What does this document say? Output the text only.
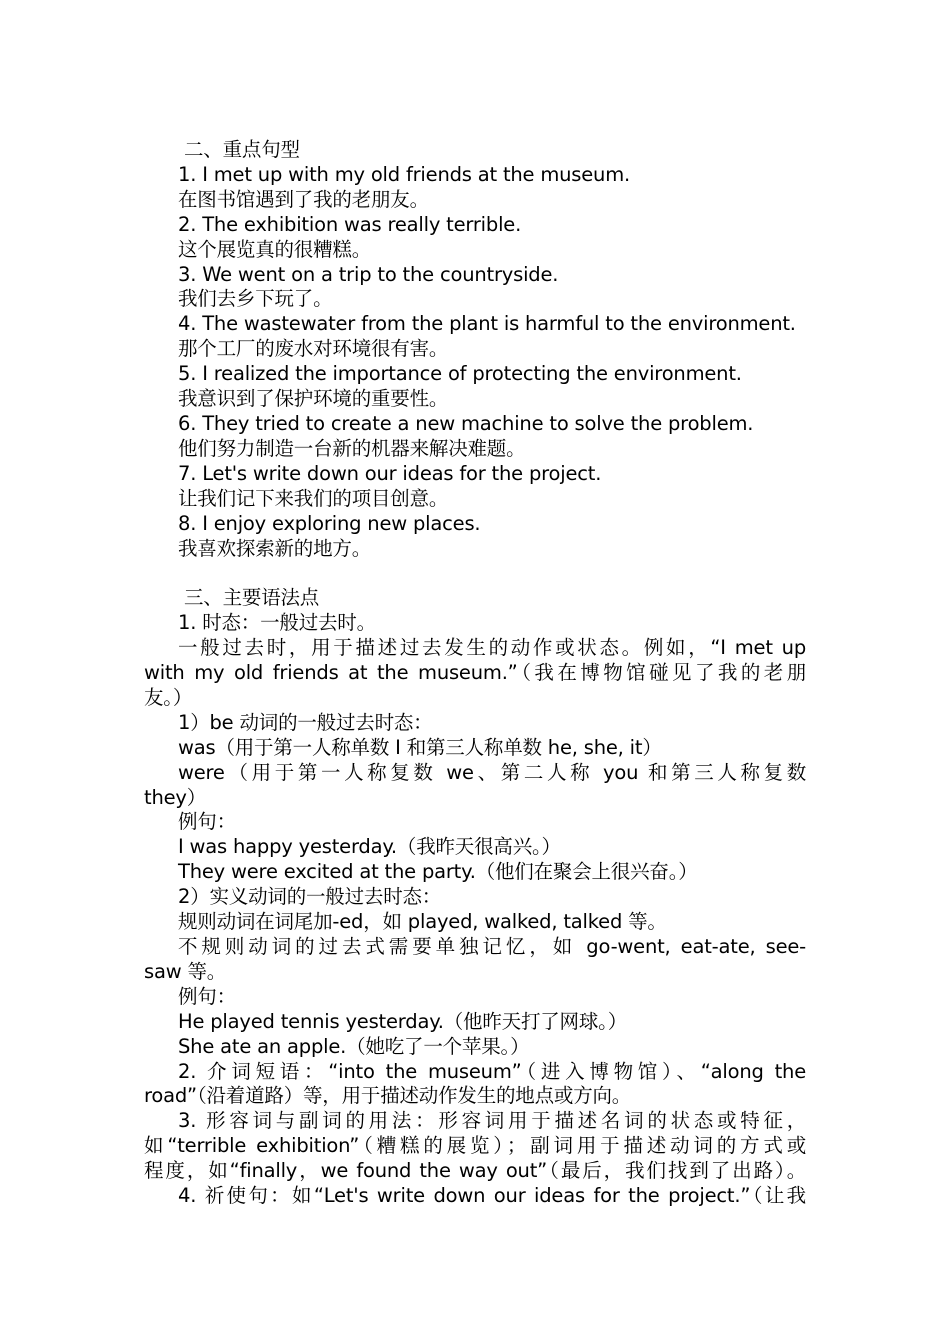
二、重点句型
1. I met up with my old friends at the museum.
在图书馆遇到了我的老朋友。
2. The exhibition was really terrible.
这个展览真的很糟糕。
3. We went on a trip to the countryside.
我们去乡下玩了。
4. The wastewater from the plant is harmful to the environment.
那个工厂的废水对环境很有害。
5. I realized the importance of protecting the environment.
我意识到了保护环境的重要性。
6. They tried to create a new machine to solve the problem.
他们努力制造一台新的机器来解决难题。
7. Let's write down our ideas for the project.
让我们记下来我们的项目创意。
8. I enjoy exploring new places.
我喜欢探索新的地方。
三、主要语法点
1. 时态：一般过去时。
一般过去时，用于描述过去发生的动作或状态。例如，“I met up
with my old friends at the museum.”（我在博物馆碰见了我的老朋
友。）
1）be 动词的一般过去时态：
was（用于第一人称单数 I 和第三人称单数 he, she, it）
were（用于第一人称复数 we、第二人称 you 和第三人称复数
they）
例句：
I was happy yesterday.（我昨天很高兴。）
They were excited at the party.（他们在聚会上很兴奋。）
2）实义动词的一般过去时态：
规则动词在词尾加-ed，如 played, walked, talked 等。
不规则动词的过去式需要单独记忆，如 go-went, eat-ate, see-
saw 等。
例句：
He played tennis yesterday.（他昨天打了网球。）
She ate an apple.（她吃了一个苹果。）
2. 介词短语：“into the museum”（进入博物馆）、“along the
road”（沿着道路）等，用于描述动作发生的地点或方向。
3. 形容词与副词的用法：形容词用于描述名词的状态或特征，
如“terrible exhibition”（糟糕的展览）；副词用于描述动词的方式或
程度，如“finally，we found the way out”（最后，我们找到了出路）。
4. 祈使句：如“Let's write down our ideas for the project.”（让我
